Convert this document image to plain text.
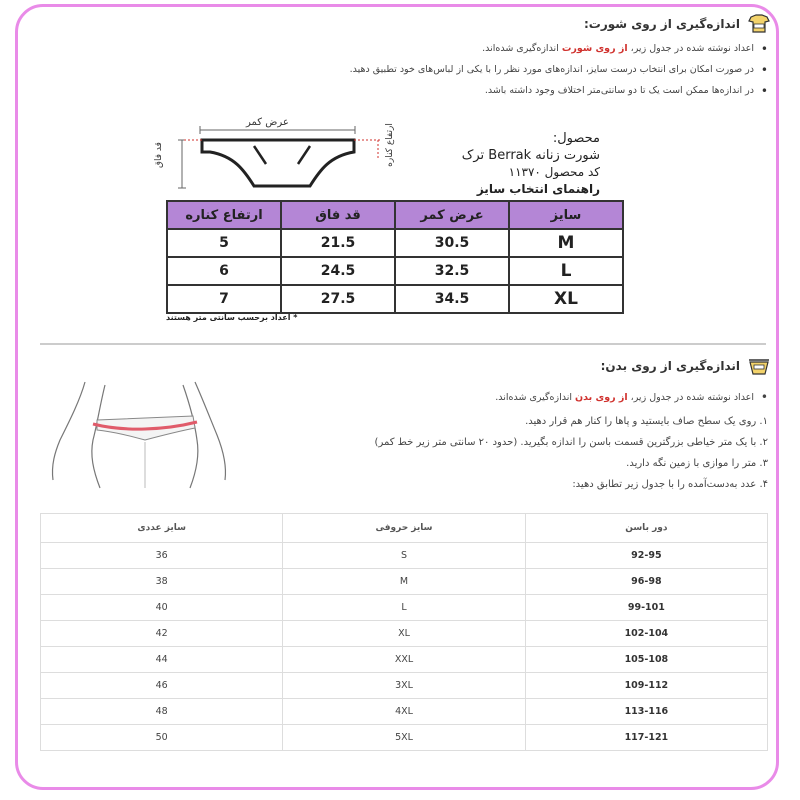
اندازه‌گیری از روی شورت:
• اعداد نوشته شده در جدول زیر، از روی شورت اندازه‌گیری شده‌اند.
• در صورت امکان برای انتخاب درست سایز، اندازه‌های مورد نظر را با یکی از لباس‌های خود تطبیق دهید.
• در اندازه‌ها ممکن است یک تا دو سانتی‌متر اختلاف وجود داشته باشد.
عرض کمر
قد فاق	ارتفاع کناره	محصول:
شورت زنانه Berrak ترک
کد محصول ۱۱۳۷۰
راهنمای انتخاب سایز
سایز	عرض کمر	قد فاق	ارتفاع کناره
M	30.5	21.5	5
L	32.5	24.5	6
XL	34.5	27.5	7
* اعداد برحسب سانتی متر هستند
اندازه‌گیری از روی بدن:
•
اعداد نوشته شده در جدول زیر، از روی بدن اندازه‌گیری شده‌اند.
۱. روی یک سطح صاف بایستید و پاها را کنار هم قرار دهید.
۲. با یک متر خیاطی بزرگترین قسمت باسن را اندازه بگیرید. (حدود ۲۰ سانتی متر زیر خط کمر)
۳. متر را موازی با زمین نگه دارید.
۴. عدد به‌دست‌آمده را با جدول زیر تطابق دهید:
دور باسن	سایز حروفی	سایز عددی
92-95	S	36
96-98	M	38
99-101	L	40
102-104	XL	42
105-108	XXL	44
109-112	3XL	46
113-116	4XL	48
117-121	5XL	50
